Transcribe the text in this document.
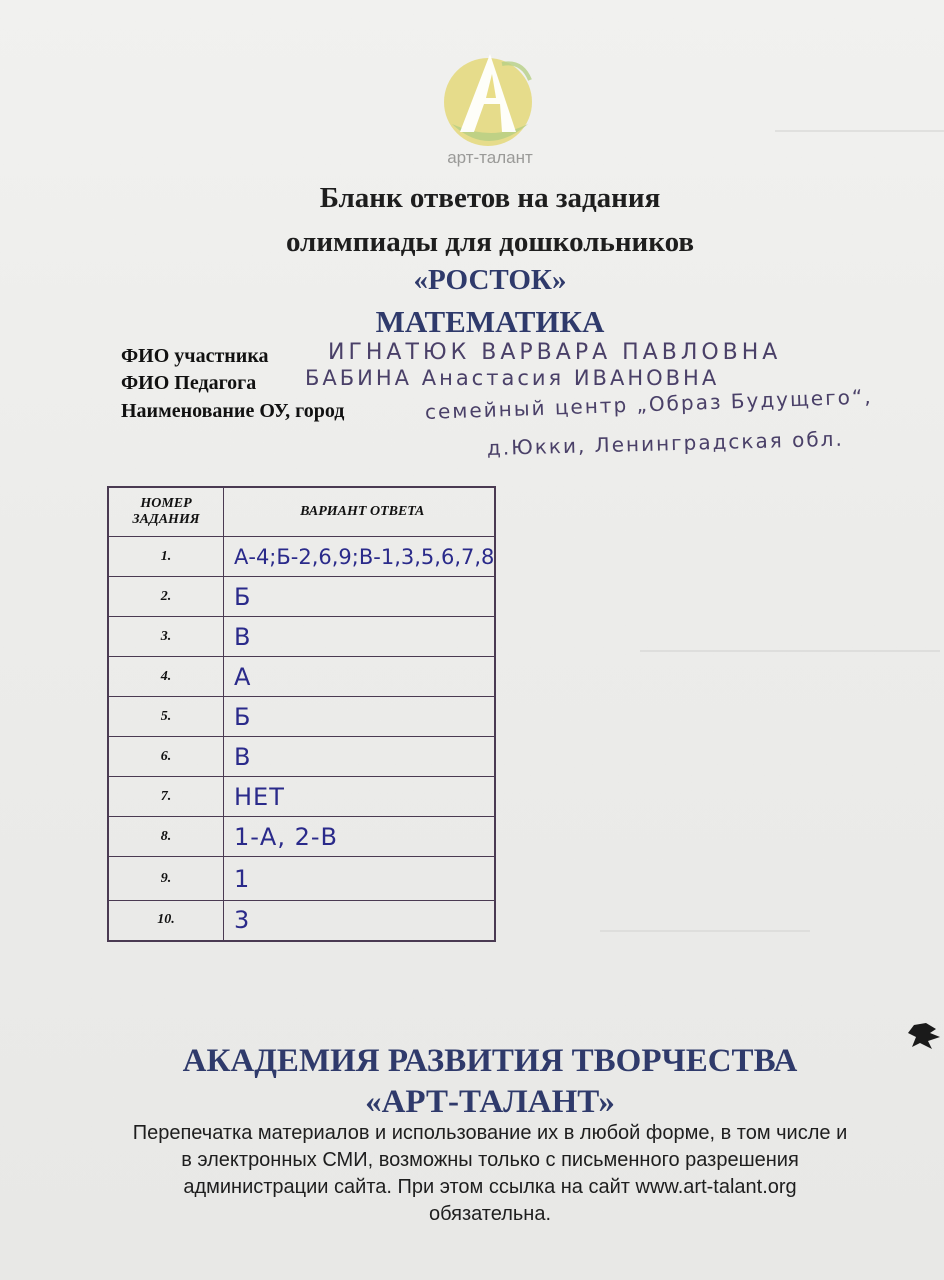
арт-талант
Бланк ответов на задания
олимпиады для дошкольников
«РОСТОК»
МАТЕМАТИКА
ФИО участника	ИГНАТЮК ВАРВАРА ПАВЛОВНА
ФИО Педагога БАБИНА Анастасия ИВАНОВНА
Наименование ОУ, город	семейный центр „Образ Будущего“,
д.Юкки, Ленинградская обл.
НОМЕР ЗАДАНИЯ	ВАРИАНТ ОТВЕТА
1.	А-4;Б-2,6,9;В-1,3,5,6,7,8
2.	Б
3.	В
4.	А
5.	Б
6.	В
7.	НЕТ
8.	1-А, 2-В
9.	1
10.	3
АКАДЕМИЯ РАЗВИТИЯ ТВОРЧЕСТВА
«АРТ-ТАЛАНТ»
Перепечатка материалов и использование их в любой форме, в том числе и в электронных СМИ, возможны только с письменного разрешения администрации сайта. При этом ссылка на сайт www.art-talant.org обязательна.
